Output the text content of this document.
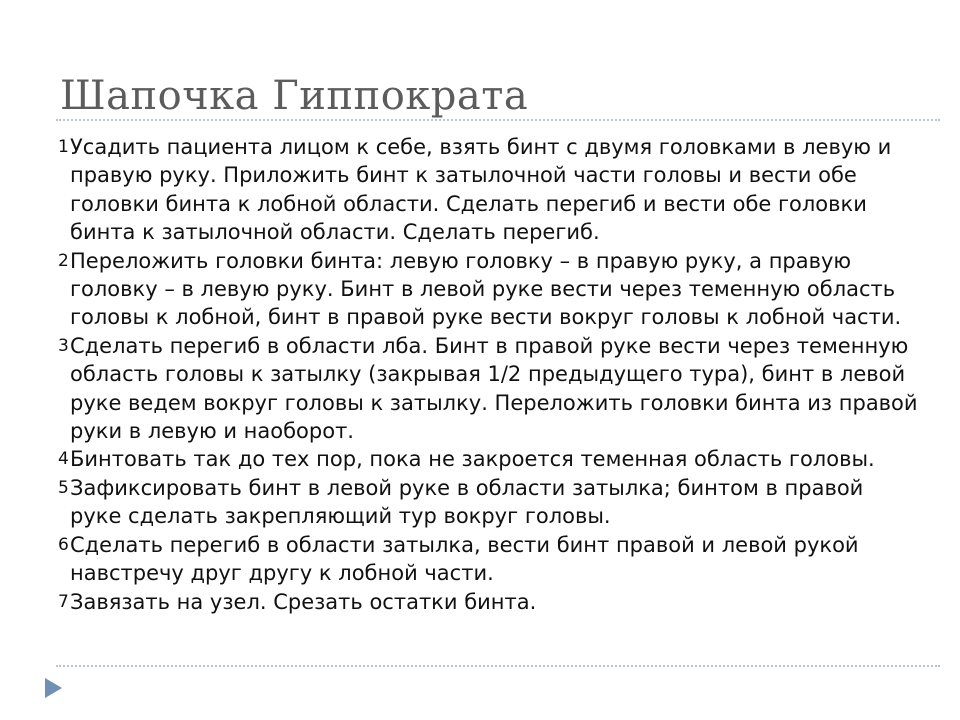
Шапочка Гиппократа
1 Усадить пациента лицом к себе, взять бинт с двумя головками в левую и правую руку. Приложить бинт к затылочной части головы и вести обе головки бинта к лобной области. Сделать перегиб и вести обе головки бинта к затылочной области. Сделать перегиб.
2 Переложить головки бинта: левую головку – в правую руку, а правую головку – в левую руку. Бинт в левой руке вести через теменную область головы к лобной, бинт в правой руке вести вокруг головы к лобной части.
3 Сделать перегиб в области лба. Бинт в правой руке вести через теменную область головы к затылку (закрывая 1/2 предыдущего тура), бинт в левой руке ведем вокруг головы к затылку. Переложить головки бинта из правой руки в левую и наоборот.
4 Бинтовать так до тех пор, пока не закроется теменная область головы.
5 Зафиксировать бинт в левой руке в области затылка; бинтом в правой руке сделать закрепляющий тур вокруг головы.
6 Сделать перегиб в области затылка, вести бинт правой и левой рукой навстречу друг другу к лобной части.
7 Завязать на узел. Срезать остатки бинта.
